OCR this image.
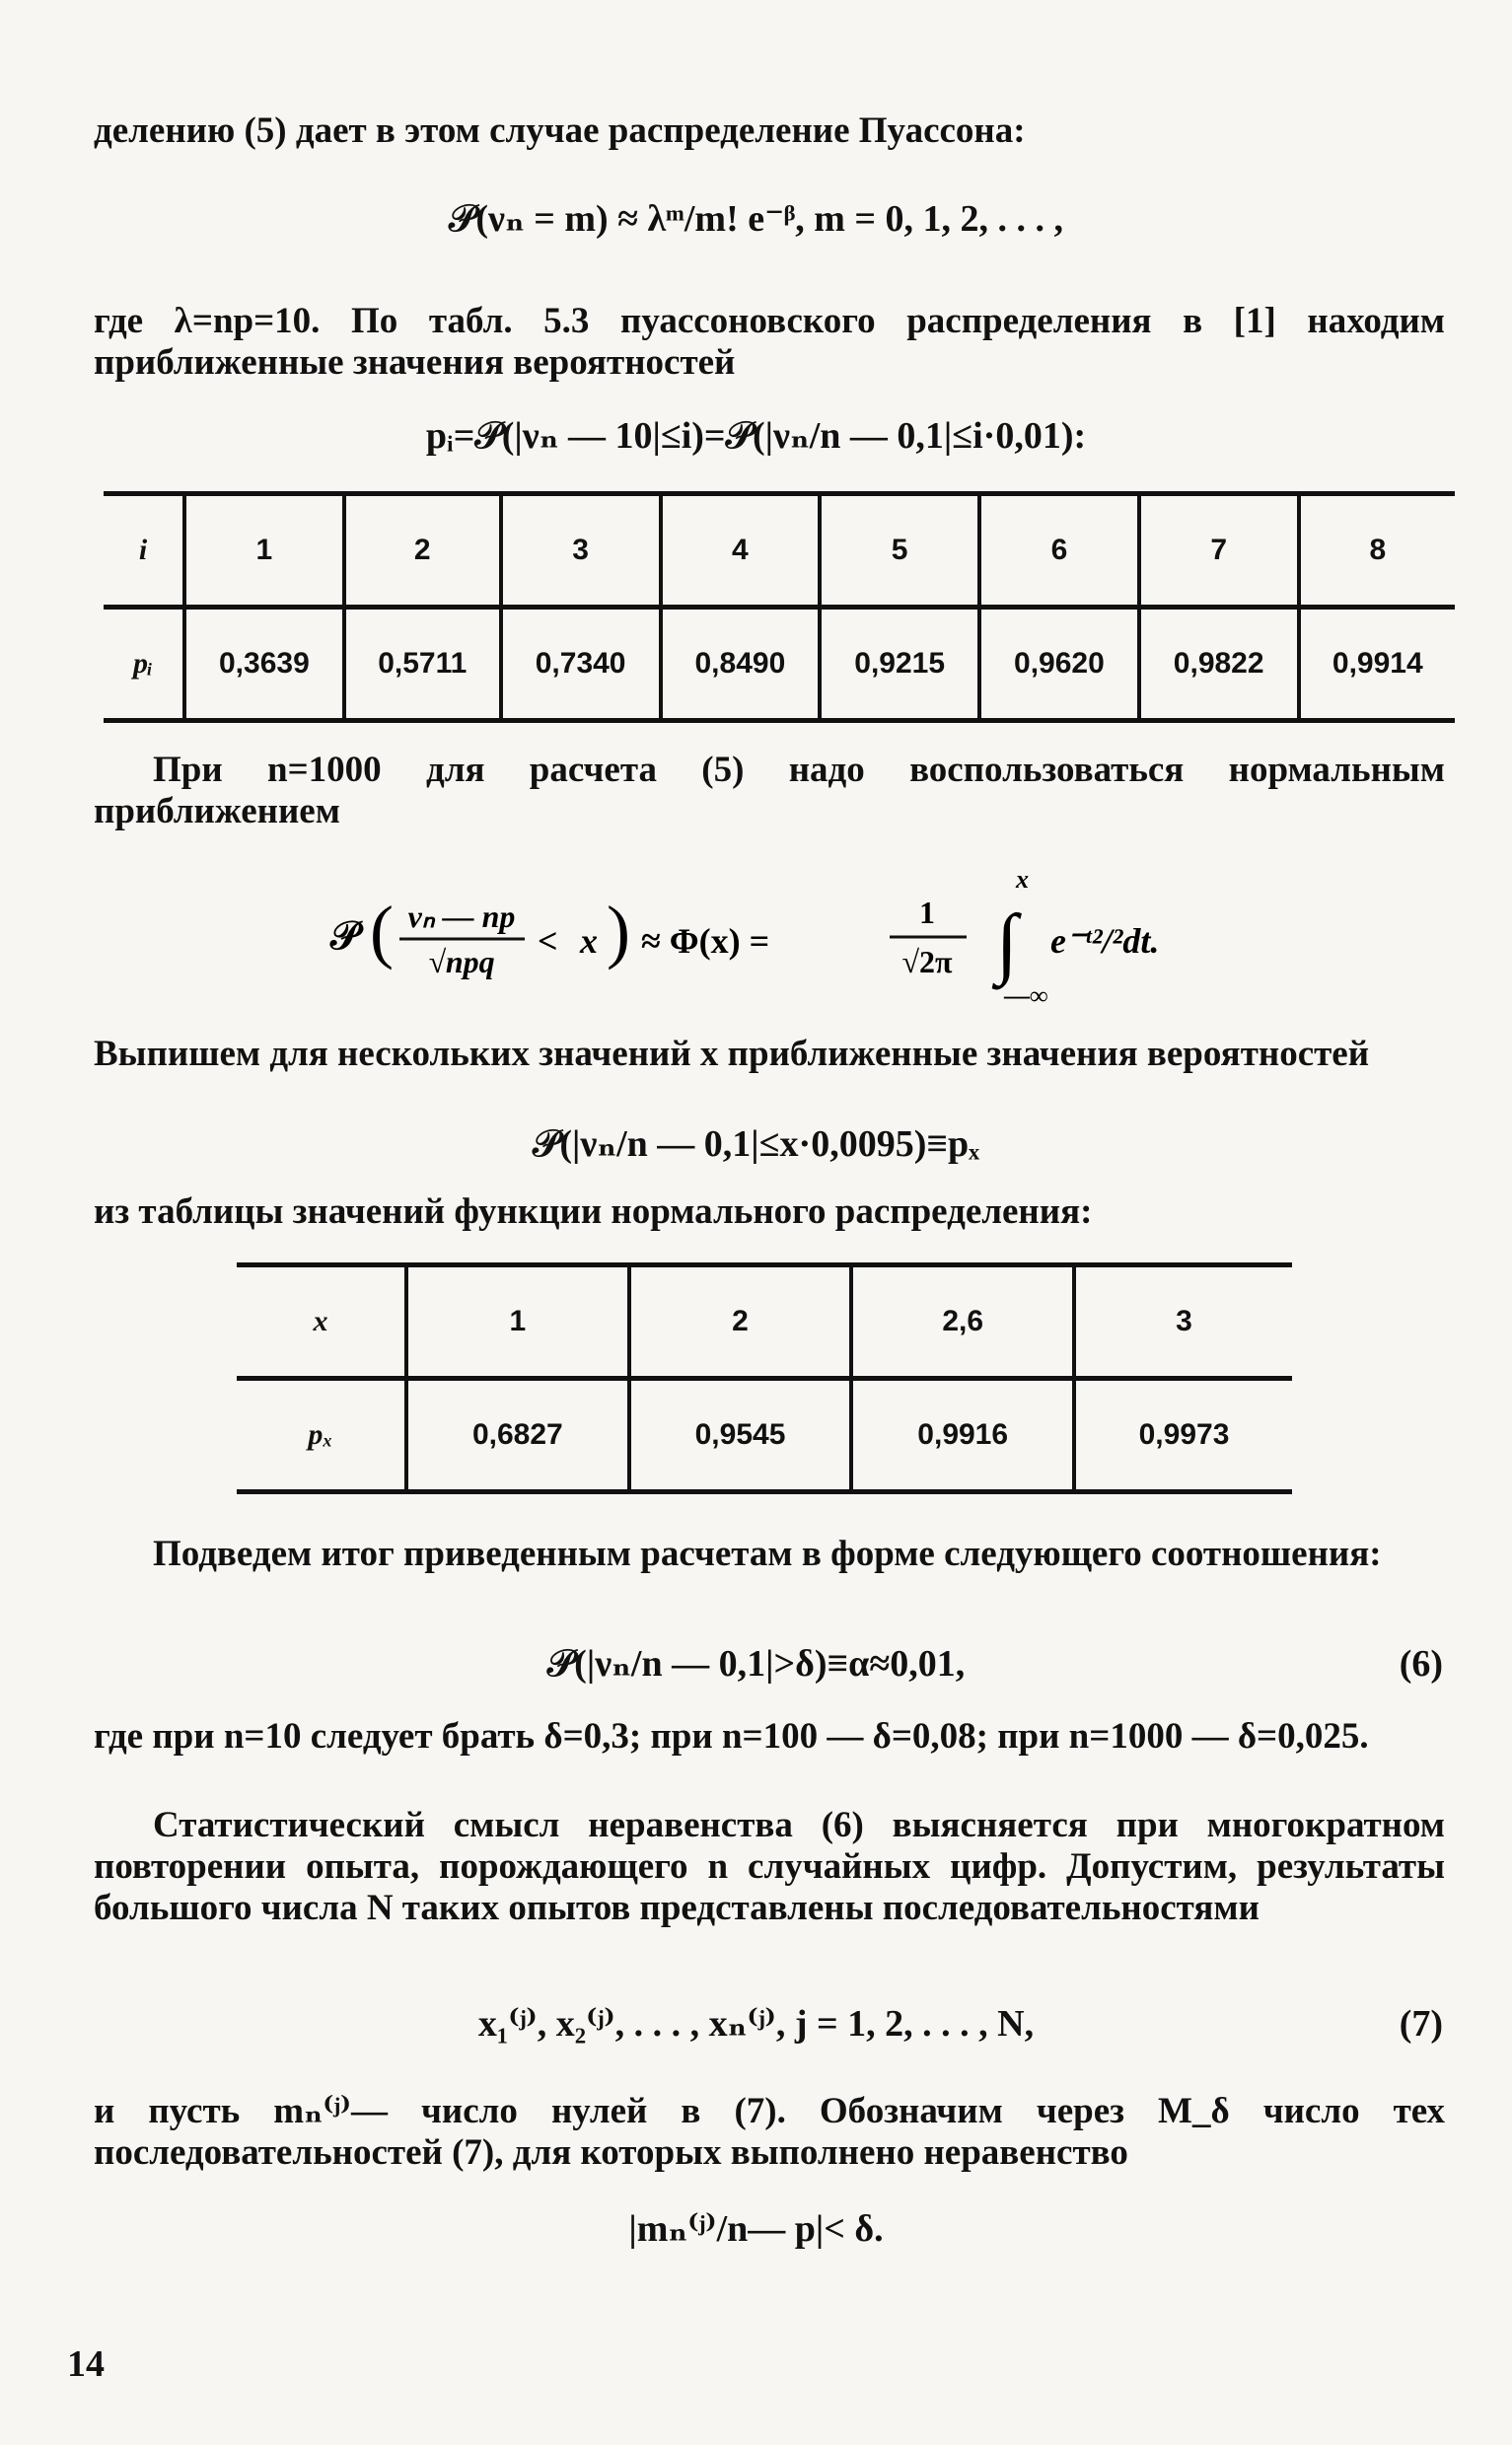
делению (5) дает в этом случае распределение Пуассона:
𝒫(νₙ = m) ≈ λᵐ/m! e⁻ᵝ, m = 0, 1, 2, . . . ,
где λ=np=10. По табл. 5.3 пуассоновского распределения в [1] находим приближенные значения вероятностей
pᵢ=𝒫(|νₙ — 10|≤i)=𝒫(|νₙ/n — 0,1|≤i·0,01):
i	1	2	3	4	5	6	7	8
pᵢ	0,3639	0,5711	0,7340	0,8490	0,9215	0,9620	0,9822	0,9914
При n=1000 для расчета (5) надо воспользоваться нормальным приближением
𝒫 ( νₙ — np
√npq
< x ) ≈ Φ(x) =
1
√2π
x
∫
—∞
e⁻ᵗ²/²dt.
Выпишем для нескольких значений x приближенные значения вероятностей
𝒫(|νₙ/n — 0,1|≤x·0,0095)≡pₓ
из таблицы значений функции нормального распределения:
x	1	2	2,6	3
pₓ	0,6827	0,9545	0,9916	0,9973
Подведем итог приведенным расчетам в форме следующего соотношения:
𝒫(|νₙ/n — 0,1|>δ)≡α≈0,01,	(6)
где при n=10 следует брать δ=0,3; при n=100 — δ=0,08; при n=1000 — δ=0,025.
Статистический смысл неравенства (6) выясняется при многократном повторении опыта, порождающего n случайных цифр. Допустим, результаты большого числа N таких опытов представлены последовательностями
x₁⁽ʲ⁾, x₂⁽ʲ⁾, . . . , xₙ⁽ʲ⁾, j = 1, 2, . . . , N,	(7)
и пусть mₙ⁽ʲ⁾— число нулей в (7). Обозначим через M_δ число тех последовательностей (7), для которых выполнено неравенство
|mₙ⁽ʲ⁾/n— p|< δ.
14
